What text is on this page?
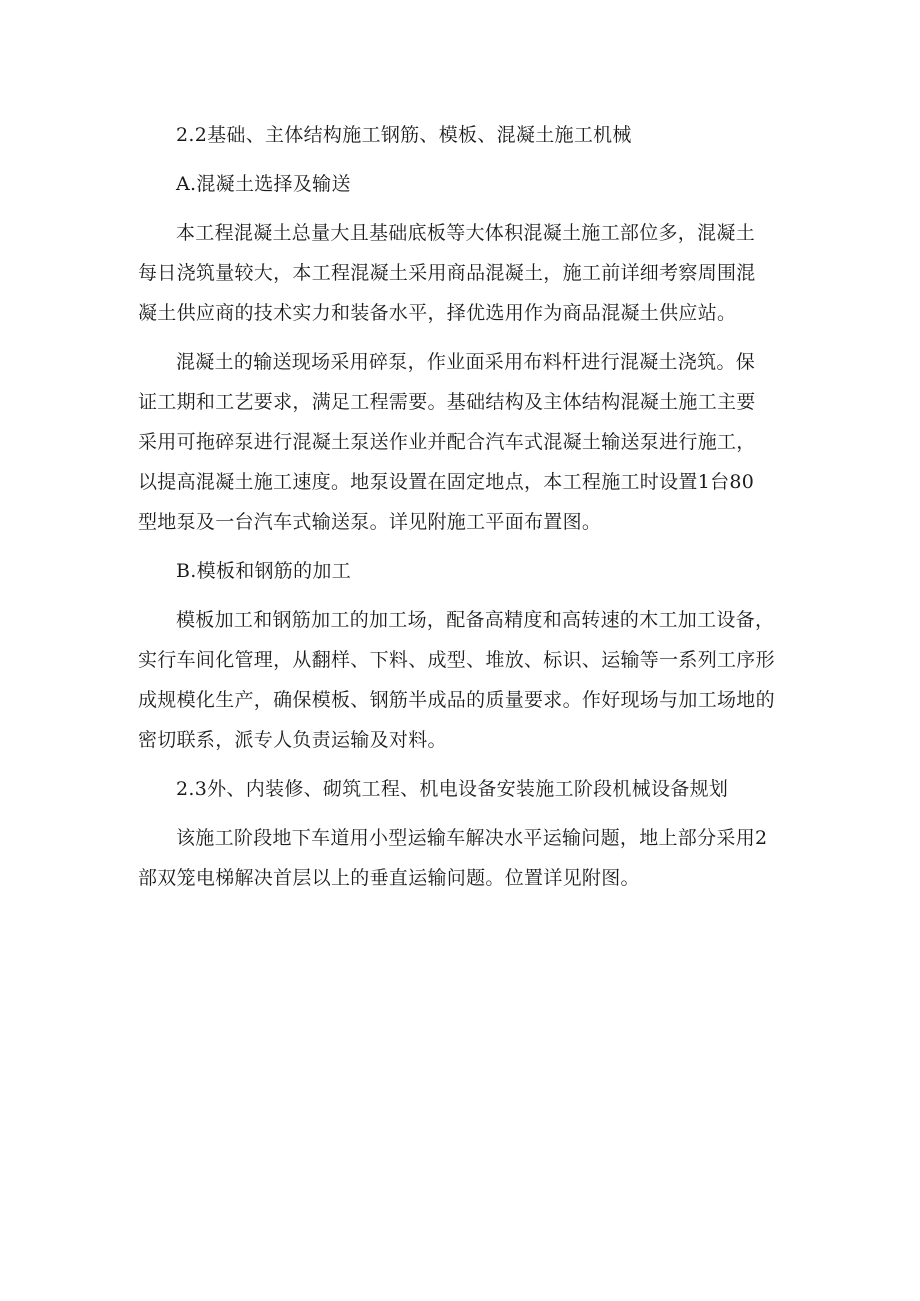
2.2基础、主体结构施工钢筋、模板、混凝土施工机械
A.混凝土选择及输送
本工程混凝土总量大且基础底板等大体积混凝土施工部位多，混凝土
每日浇筑量较大，本工程混凝土采用商品混凝土，施工前详细考察周围混
凝土供应商的技术实力和装备水平，择优选用作为商品混凝土供应站。
混凝土的输送现场采用碎泵，作业面采用布料杆进行混凝土浇筑。保
证工期和工艺要求，满足工程需要。基础结构及主体结构混凝土施工主要
采用可拖碎泵进行混凝土泵送作业并配合汽车式混凝土输送泵进行施工，
以提高混凝土施工速度。地泵设置在固定地点，本工程施工时设置1台80
型地泵及一台汽车式输送泵。详见附施工平面布置图。
B.模板和钢筋的加工
模板加工和钢筋加工的加工场，配备高精度和高转速的木工加工设备，
实行车间化管理，从翻样、下料、成型、堆放、标识、运输等一系列工序形
成规模化生产，确保模板、钢筋半成品的质量要求。作好现场与加工场地的
密切联系，派专人负责运输及对料。
2.3外、内装修、砌筑工程、机电设备安装施工阶段机械设备规划
该施工阶段地下车道用小型运输车解决水平运输问题，地上部分采用2
部双笼电梯解决首层以上的垂直运输问题。位置详见附图。
